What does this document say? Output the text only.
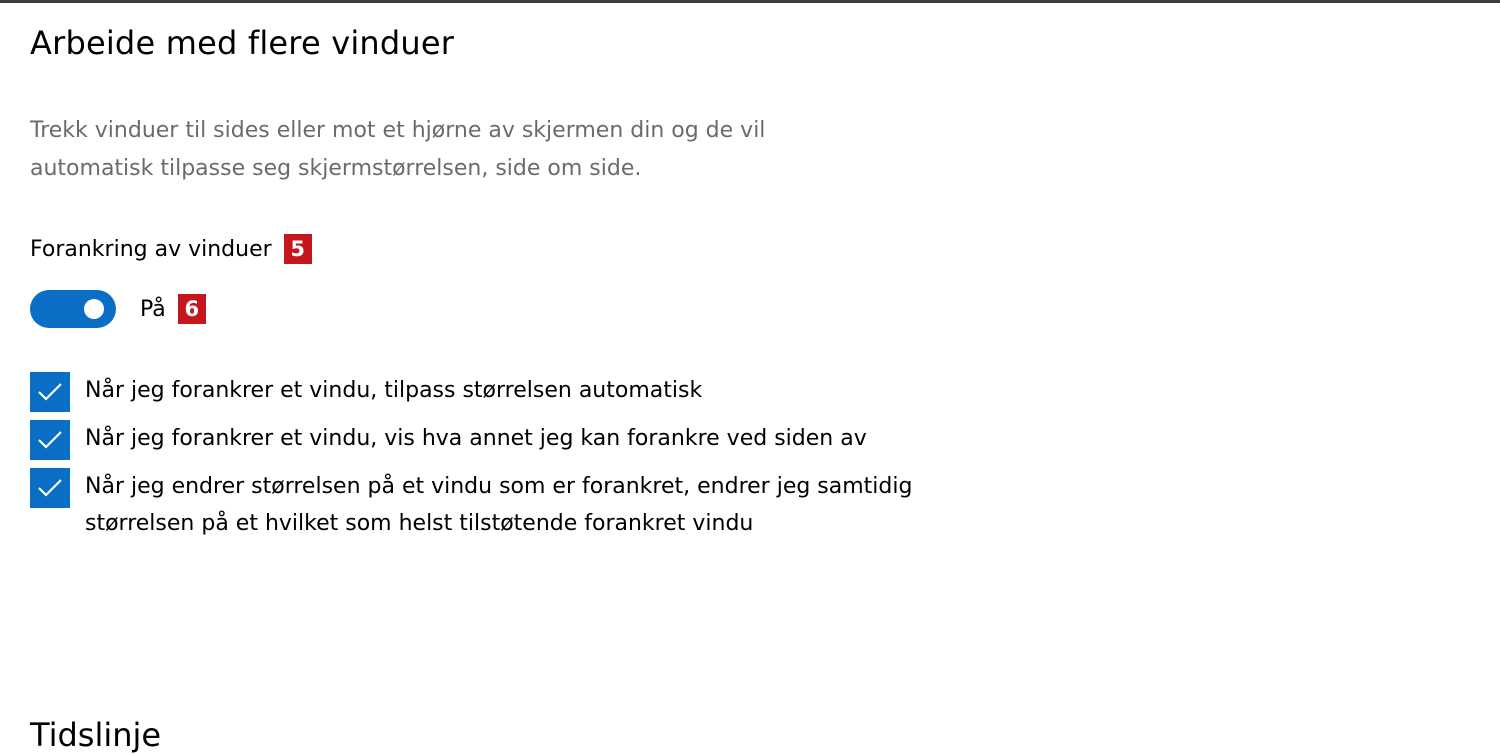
Arbeide med flere vinduer
Trekk vinduer til sides eller mot et hjørne av skjermen din og de vil automatisk tilpasse seg skjermstørrelsen, side om side.
Forankring av vinduer 5
På 6
Når jeg forankrer et vindu, tilpass størrelsen automatisk
Når jeg forankrer et vindu, vis hva annet jeg kan forankre ved siden av
Når jeg endrer størrelsen på et vindu som er forankret, endrer jeg samtidig størrelsen på et hvilket som helst tilstøtende forankret vindu
Tidslinje
